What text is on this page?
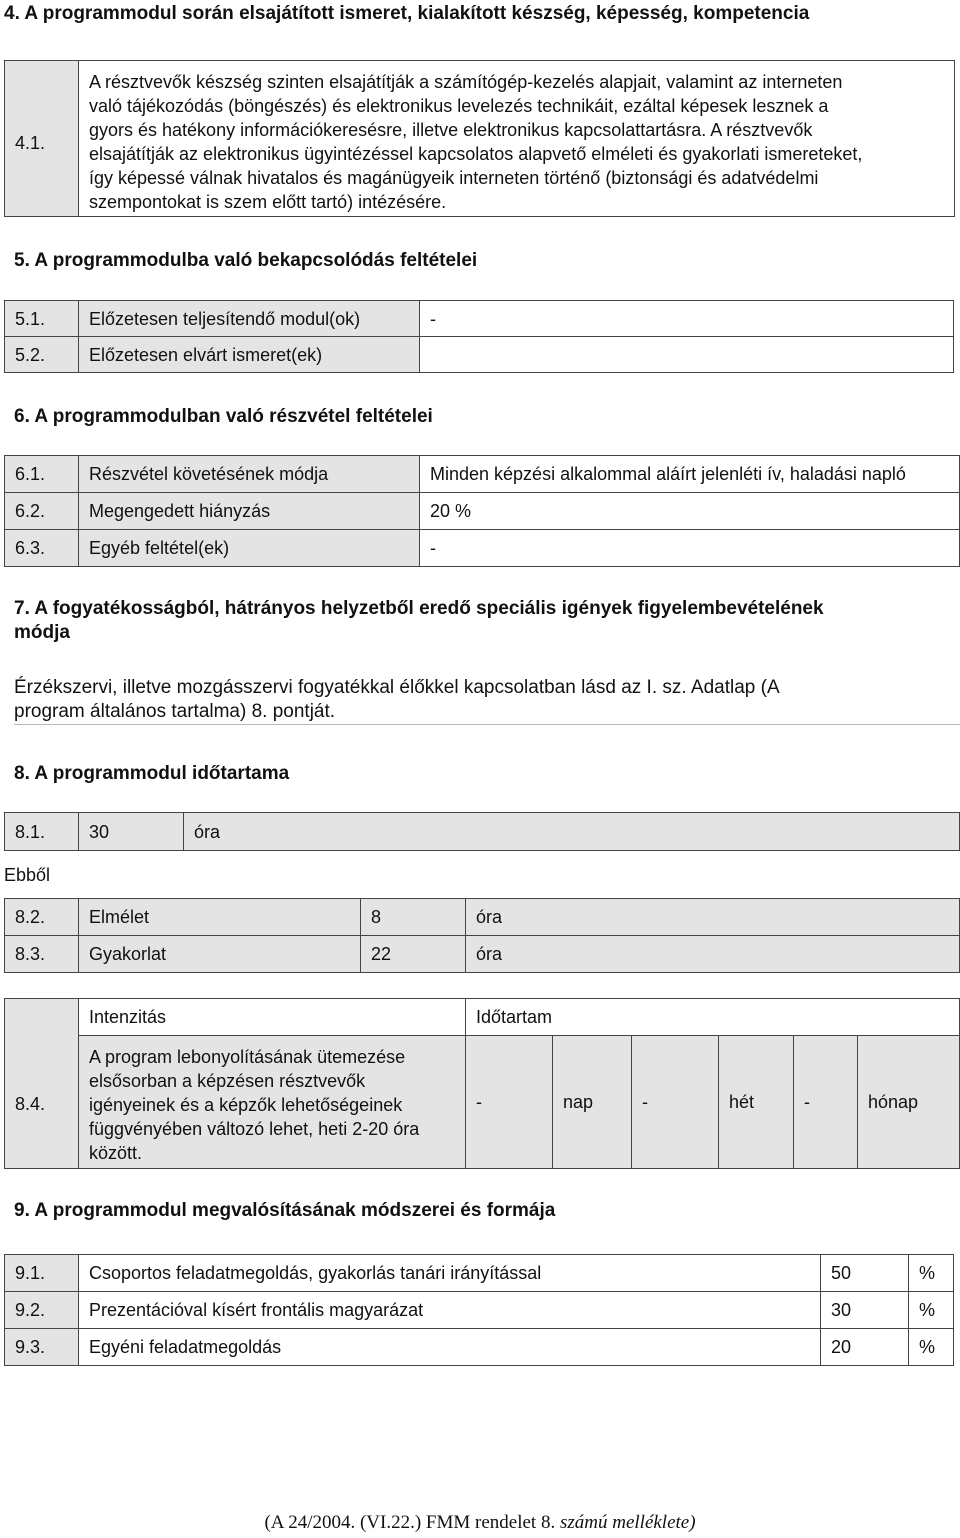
4. A programmodul során elsajátított ismeret, kialakított készség, képesség, kompetencia
4.1.	
A résztvevők készség szinten elsajátítják a számítógép-kezelés alapjait, valamint az interneten
való tájékozódás (böngészés) és elektronikus levelezés technikáit, ezáltal képesek lesznek a
gyors és hatékony információkeresésre, illetve elektronikus kapcsolattartásra. A résztvevők
elsajátítják az elektronikus ügyintézéssel kapcsolatos alapvető elméleti és gyakorlati ismereteket,
így képessé válnak hivatalos és magánügyeik interneten történő (biztonsági és adatvédelmi
szempontokat is szem előtt tartó) intézésére.
5. A programmodulba való bekapcsolódás feltételei
5.1.	Előzetesen teljesítendő modul(ok)	-
5.2.	Előzetesen elvárt ismeret(ek)	
6. A programmodulban való részvétel feltételei
6.1.	Részvétel követésének módja	Minden képzési alkalommal aláírt jelenléti ív, haladási napló
6.2.	Megengedett hiányzás	20 %
6.3.	Egyéb feltétel(ek)	-
7. A fogyatékosságból, hátrányos helyzetből eredő speciális igények figyelembevételének
módja
Érzékszervi, illetve mozgásszervi fogyatékkal élőkkel kapcsolatban lásd az I. sz. Adatlap (A
program általános tartalma) 8. pontját.
8. A programmodul időtartama
8.1.	30	óra
Ebből
8.2.	Elmélet	8	óra
8.3.	Gyakorlat	22	óra
8.4.	Intenzitás	Időtartam					

	A program lebonyolításának ütemezése
elsősorban a képzésen résztvevők
igényeinek és a képzők lehetőségeinek
függvényében változó lehet, heti 2-20 óra
között.	-	nap	-	hét	-	hónap
9. A programmodul megvalósításának módszerei és formája
9.1.	Csoportos feladatmegoldás, gyakorlás tanári irányítással	50	%
9.2.	Prezentációval kísért frontális magyarázat	30	%
9.3.	Egyéni feladatmegoldás	20	%
(A 24/2004. (VI.22.) FMM rendelet 8. számú melléklete)
